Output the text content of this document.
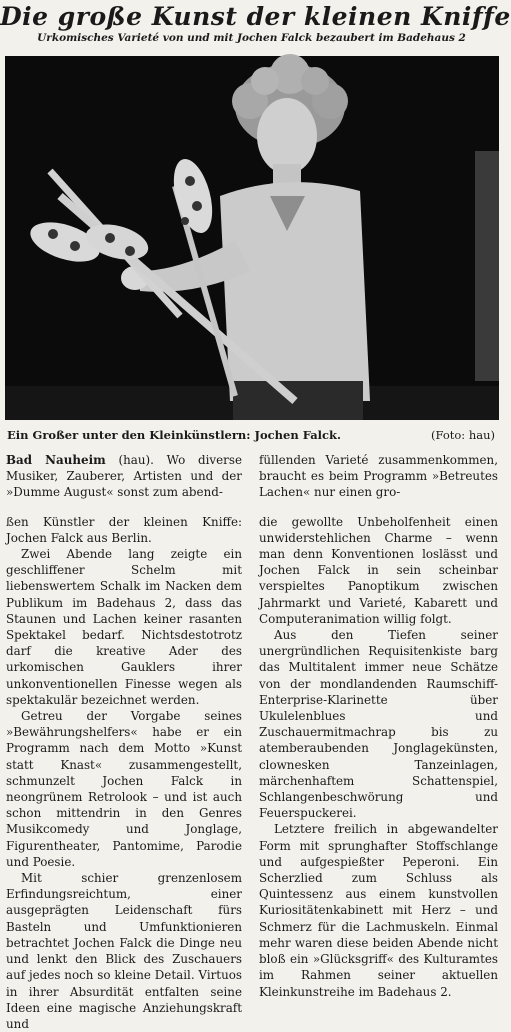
Die große Kunst der kleinen Kniffe
Urkomisches Varieté von und mit Jochen Falck bezaubert im Badehaus 2
Ein Großer unter den Kleinkünstlern: Jochen Falck.	(Foto: hau)

Bad Nauheim (hau). Wo diverse Musiker, Zauberer, Artisten und der »Dumme August« sonst zum abend-

ßen Künstler der kleinen Kniffe: Jochen Falck aus Berlin.

Zwei Abende lang zeigte ein geschliffener Schelm mit liebenswertem Schalk im Nacken dem Publikum im Badehaus 2, dass das Staunen und Lachen keiner rasanten Spektakel bedarf. Nichtsdestotrotz darf die kreative Ader des urkomischen Gauklers ihrer unkonventionellen Finesse wegen als spektakulär bezeichnet werden.

Getreu der Vorgabe seines »Bewährungshelfers« habe er ein Programm nach dem Motto »Kunst statt Knast« zusammengestellt, schmunzelt Jochen Falck in neongrünem Retrolook – und ist auch schon mittendrin in den Genres Musikcomedy und Jonglage, Figurentheater, Pantomime, Parodie und Poesie.

Mit schier grenzenlosem Erfindungsreichtum, einer ausgeprägten Leidenschaft fürs Basteln und Umfunktionieren betrachtet Jochen Falck die Dinge neu und lenkt den Blick des Zuschauers auf jedes noch so kleine Detail. Virtuos in ihrer Absurdität entfalten seine Ideen eine magische Anziehungskraft und

füllenden Varieté zusammenkommen, braucht es beim Programm »Betreutes Lachen« nur einen gro-

die gewollte Unbeholfenheit einen unwiderstehlichen Charme – wenn man denn Konventionen loslässt und Jochen Falck in sein scheinbar verspieltes Panoptikum zwischen Jahrmarkt und Varieté, Kabarett und Computeranimation willig folgt.

Aus den Tiefen seiner unergründlichen Requisitenkiste barg das Multitalent immer neue Schätze von der mondlandenden Raumschiff-Enterprise-Klarinette über Ukulelenblues und Zuschauermitmachrap bis zu atemberaubenden Jonglagekünsten, clownesken Tanzeinlagen, märchenhaftem Schattenspiel, Schlangenbeschwörung und Feuerspuckerei.

Letztere freilich in abgewandelter Form mit sprunghafter Stoffschlange und aufgespießter Peperoni. Ein Scherzlied zum Schluss als Quintessenz aus einem kunstvollen Kuriositätenkabinett mit Herz – und Schmerz für die Lachmuskeln. Einmal mehr waren diese beiden Abende nicht bloß ein »Glücksgriff« des Kulturamtes im Rahmen seiner aktuellen Kleinkunstreihe im Badehaus 2.
